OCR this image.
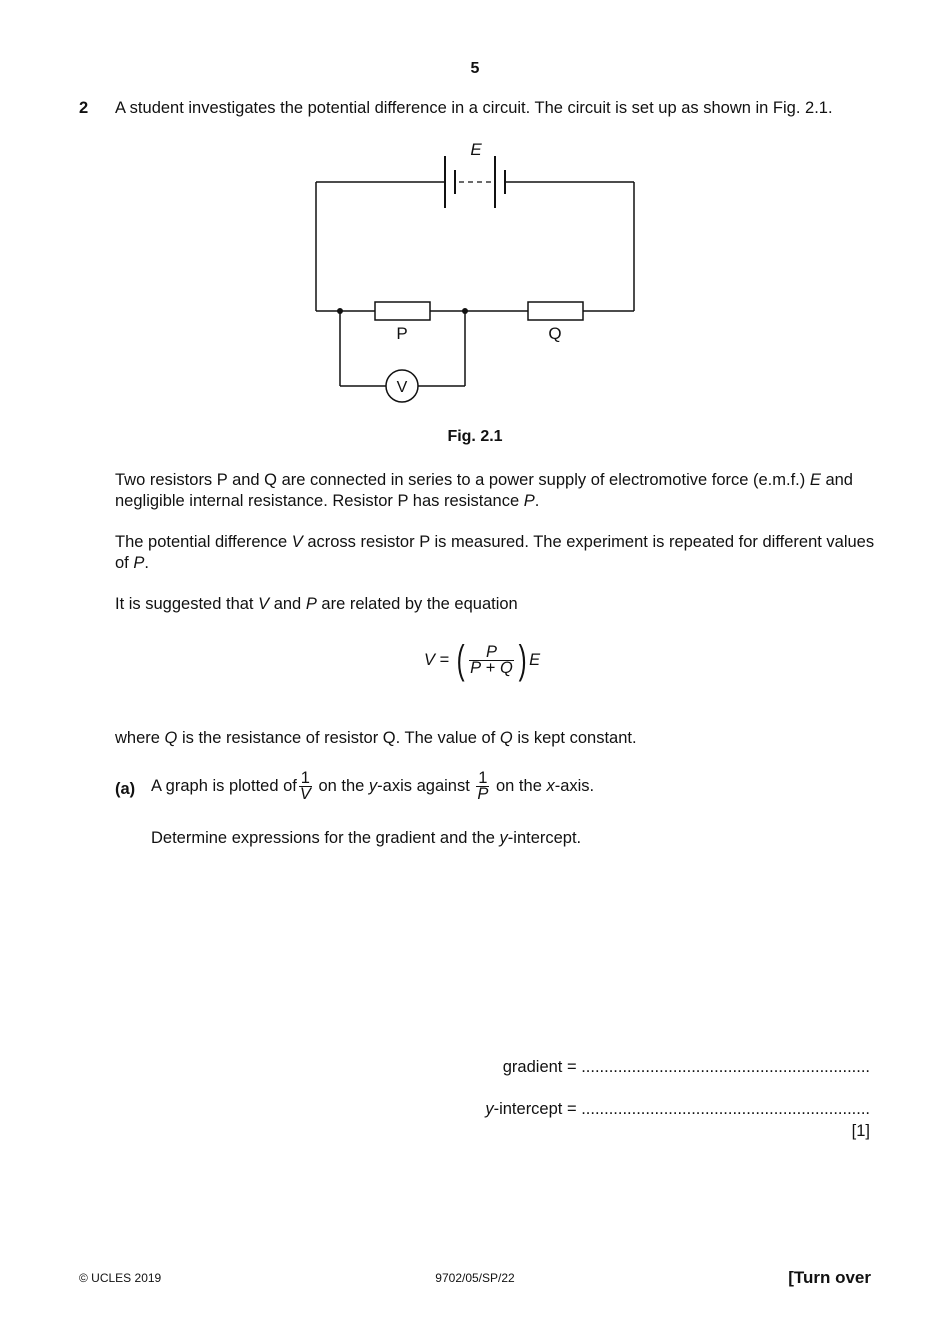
5
2 A student investigates the potential difference in a circuit. The circuit is set up as shown in Fig. 2.1.
E
P	Q
V
Fig. 2.1
Two resistors P and Q are connected in series to a power supply of electromotive force (e.m.f.) E and negligible internal resistance. Resistor P has resistance P.
The potential difference V across resistor P is measured. The experiment is repeated for different values of P.
It is suggested that V and P are related by the equation
V
=
( $\frac{P}{P + Q}$ ) E
where Q is the resistance of resistor Q. The value of Q is kept constant.
(a) A graph is plotted of $\frac{1}{V}$ on the y -axis against $\frac{1}{P}$ on the x -axis.
Determine expressions for the gradient and the y-intercept.
gradient = ...............................................................
y-intercept = ...............................................................
[1]
© UCLES 2019	9702/05/SP/22	[Turn over
